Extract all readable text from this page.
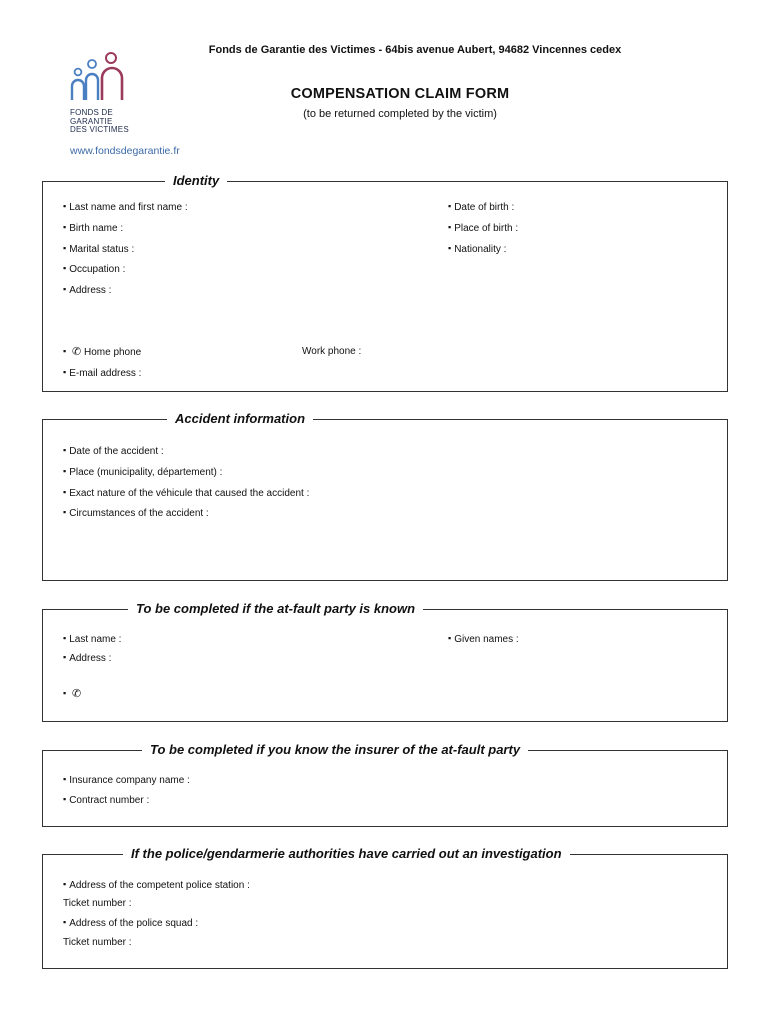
Fonds de Garantie des Victimes - 64bis avenue Aubert, 94682 Vincennes cedex
FONDS DE
GARANTIE
DES VICTIMES
www.fondsdegarantie.fr
COMPENSATION CLAIM FORM
(to be returned completed by the victim)
Identity
▪ Last name and first name :	▪ Date of birth :
▪ Birth name :	▪ Place of birth :
▪ Marital status :	▪ Nationality :
▪ Occupation :
▪ Address :
▪ ✆ Home phone	Work phone :
▪ E-mail address :
Accident information
▪ Date of the accident :
▪ Place (municipality, département) :
▪ Exact nature of the véhicule that caused the accident :
▪ Circumstances of the accident :
To be completed if the at-fault party is known
▪ Last name :	▪ Given names :
▪ Address :
▪ ✆
To be completed if you know the insurer of the at-fault party
▪ Insurance company name :
▪ Contract number :
If the police/gendarmerie authorities have carried out an investigation
▪ Address of the competent police station :
Ticket number :
▪ Address of the police squad :
Ticket number :
